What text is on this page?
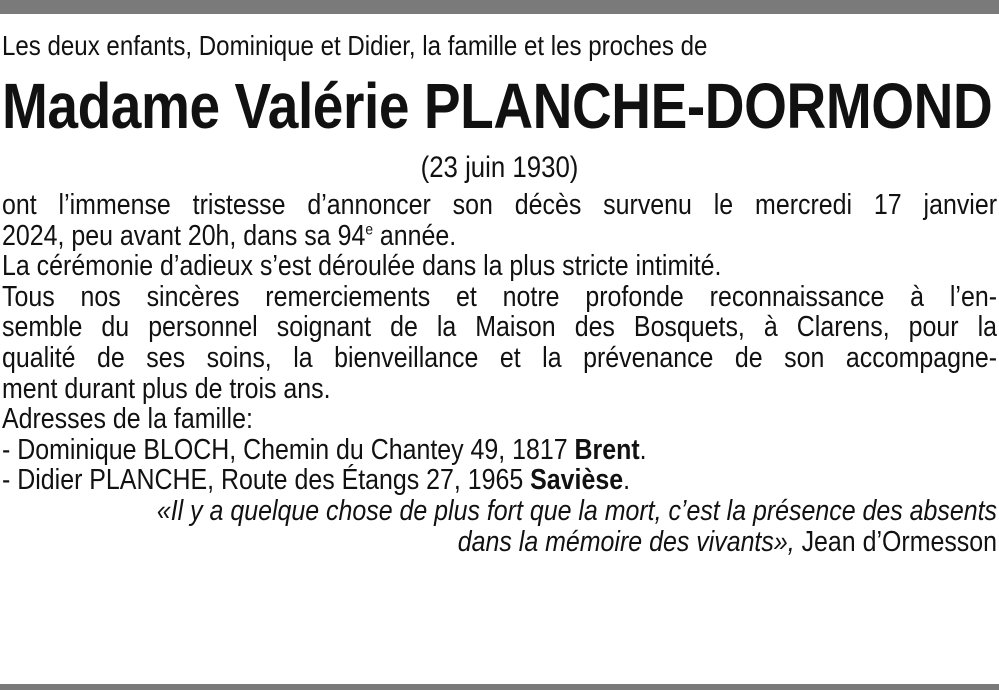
Les deux enfants, Dominique et Didier, la famille et les proches de

Madame Valérie PLANCHE-DORMOND

(23 juin 1930)

ont l’immense tristesse d’annoncer son décès survenu le mercredi 17 janvier
2024, peu avant 20h, dans sa 94e année.

La cérémonie d’adieux s’est déroulée dans la plus stricte intimité.

Tous nos sincères remerciements et notre profonde reconnaissance à l’en-
semble du personnel soignant de la Maison des Bosquets, à Clarens, pour la
qualité de ses soins, la bienveillance et la prévenance de son accompagne-
ment durant plus de trois ans.

Adresses de la famille:
- Dominique BLOCH, Chemin du Chantey 49, 1817 Brent.
- Didier PLANCHE, Route des Étangs 27, 1965 Savièse.

«Il y a quelque chose de plus fort que la mort, c’est la présence des absents
dans la mémoire des vivants», Jean d’Ormesson
